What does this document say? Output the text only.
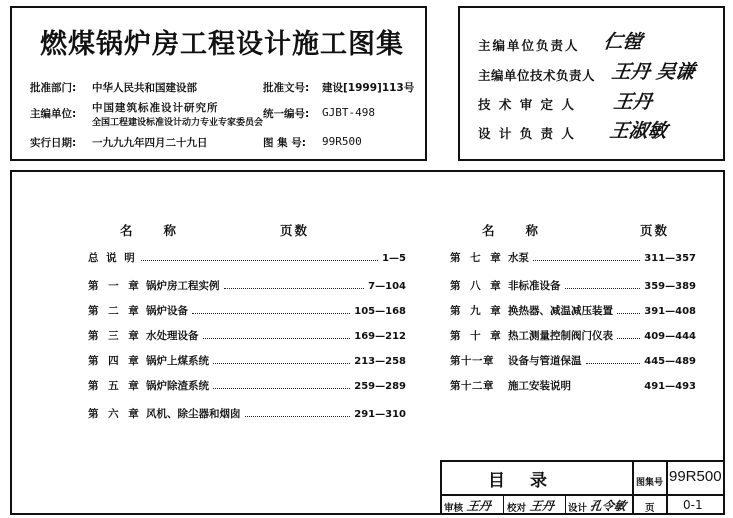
燃煤锅炉房工程设计施工图集
批准部门: 中华人民共和国建设部	批准文号: 建设[1999]113号
主编单位: 中国建筑标准设计研究所
全国工程建设标准设计动力专业专家委员会
统一编号: GJBT-498
实行日期: 一九九九年四月二十九日	图 集 号: 99R500
主编单位负责人 仁镗
主编单位技术负责人 王丹 吴谦
技 术 审 定 人 王丹
设 计 负 责 人 王淑敏
名　　称	页数	名　　称	页数
总 说 明	1—5
第 一 章 锅炉房工程实例	7—104
第 二 章 锅炉设备	105—168
第 三 章 水处理设备	169—212
第 四 章 锅炉上煤系统	213—258
第 五 章 锅炉除渣系统	259—289
第 六 章 风机、除尘器和烟囱	291—310
第 七 章 水泵	311—357
第 八 章 非标准设备	359—389
第 九 章 换热器、减温减压装置	391—408
第 十 章 热工测量控制阀门仪表	409—444
第十一章	设备与管道保温	445—489
第十二章	施工安装说明	491—493
目　录	图集号 99R500
审核 王丹 校对 王丹 设计 孔令敏 页 0-1
